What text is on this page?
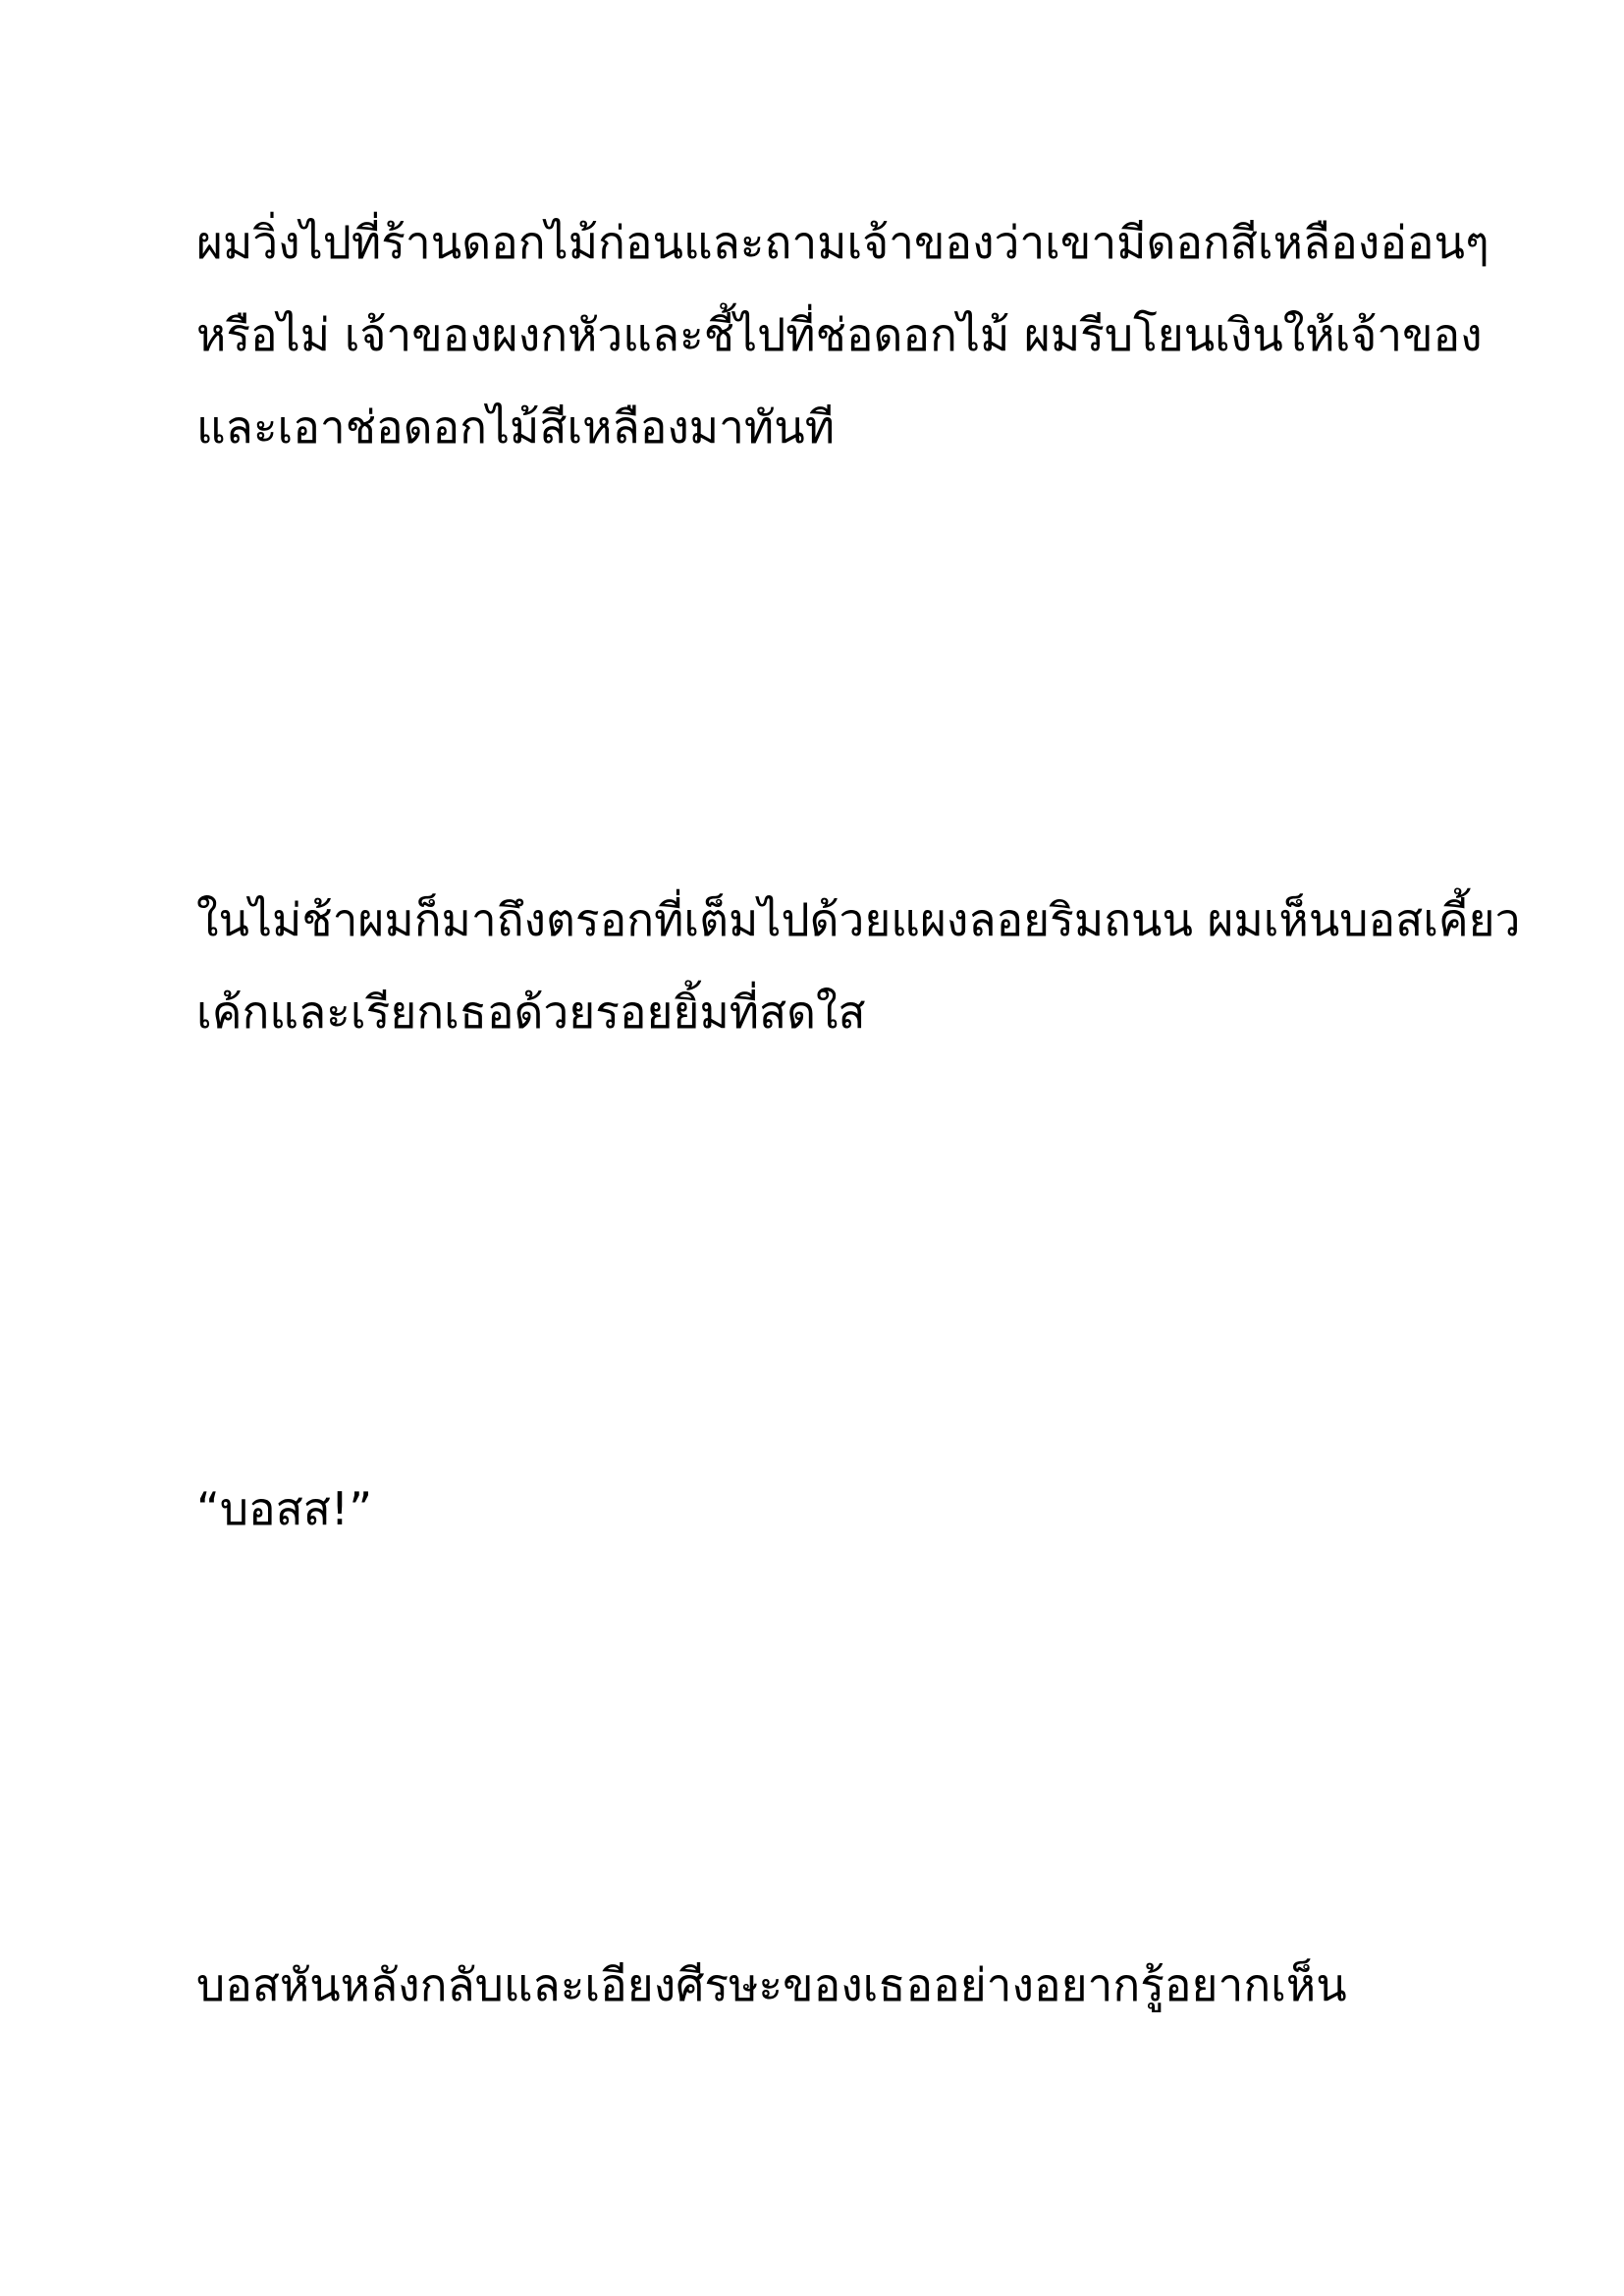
ผมวิ่งไปที่ร้านดอกไม้ก่อนและถามเจ้าของว่าเขามีดอกสีเหลืองอ่อนๆ
หรือไม่ เจ้าของผงกหัวและชี้ไปที่ช่อดอกไม้ ผมรีบโยนเงินให้เจ้าของ
และเอาช่อดอกไม้สีเหลืองมาทันที

ในไม่ช้าผมก็มาถึงตรอกที่เต็มไปด้วยแผงลอยริมถนน ผมเห็นบอสเคี้ยว
เค้กและเรียกเธอด้วยรอยยิ้มที่สดใส

“บอสส!”

บอสหันหลังกลับและเอียงศีรษะของเธออย่างอยากรู้อยากเห็น
